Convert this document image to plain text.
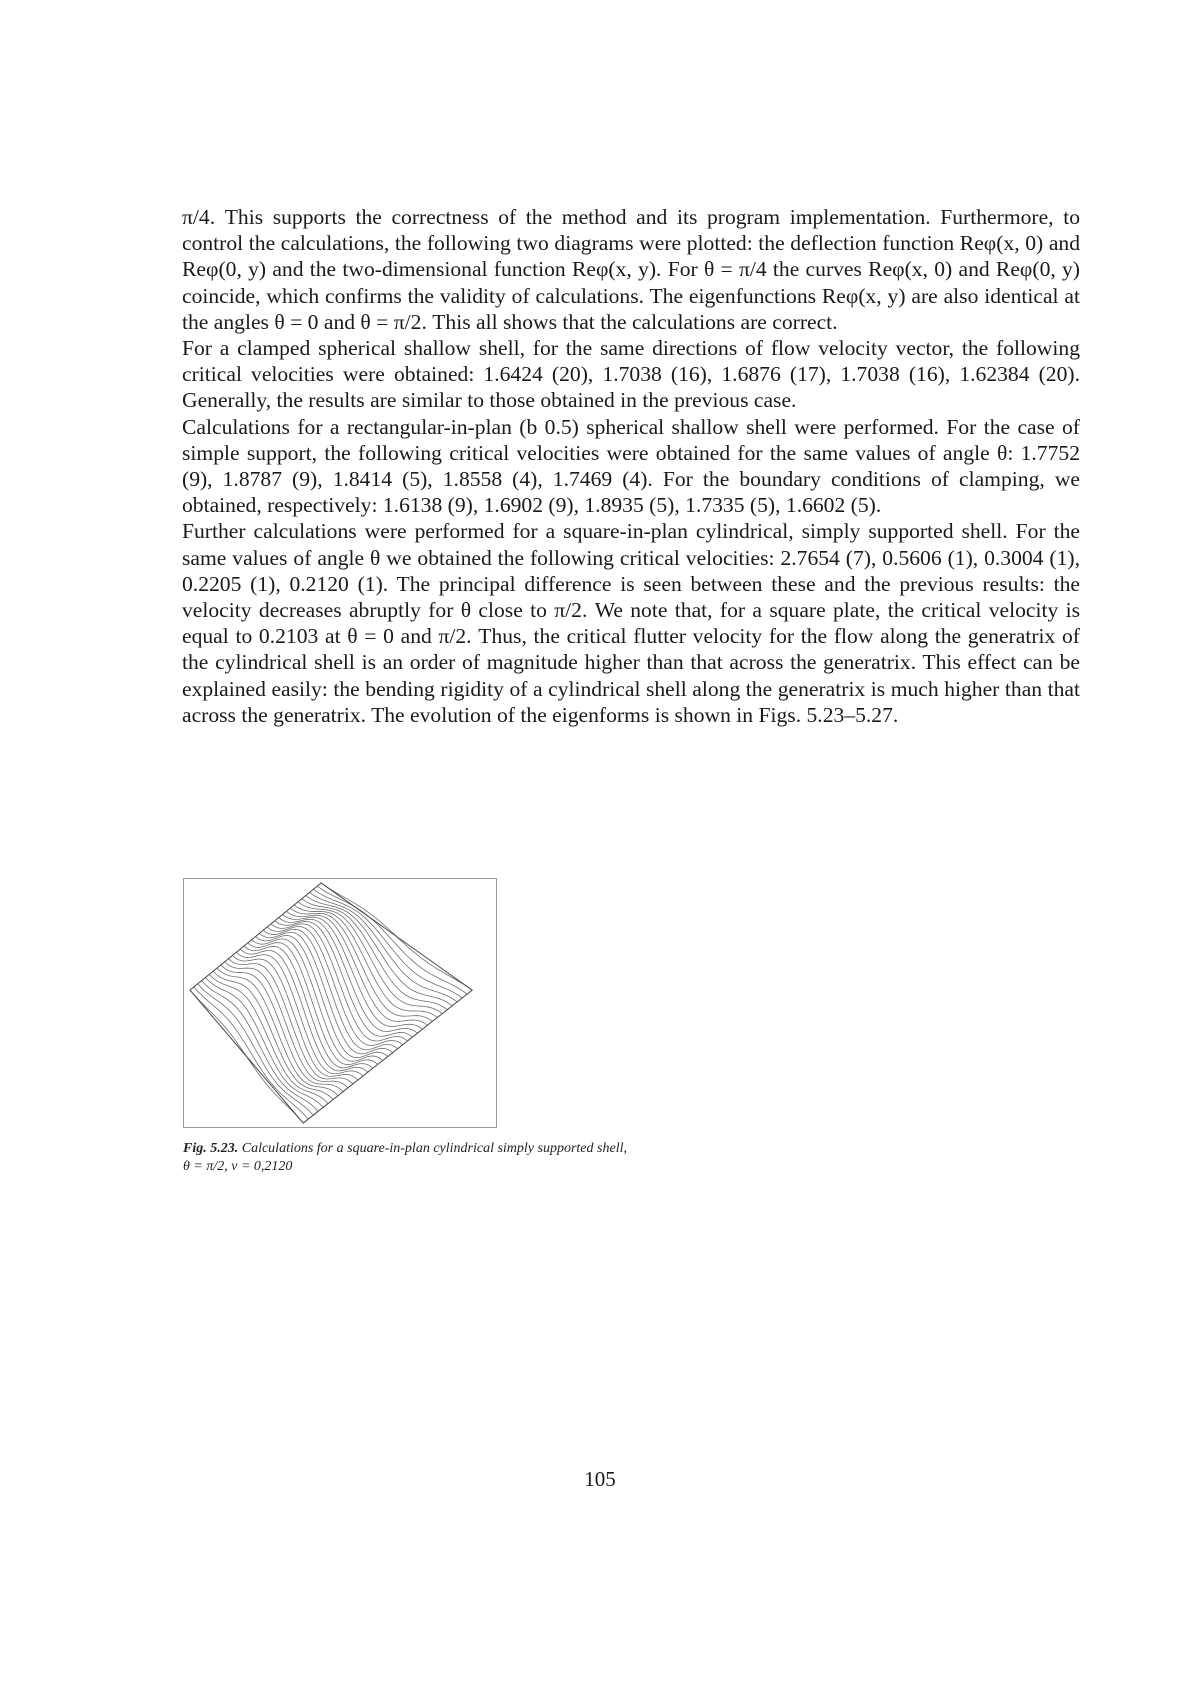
π/4. This supports the correctness of the method and its program implementation. Furthermore, to control the calculations, the following two diagrams were plotted: the deflection function Reφ(x, 0) and Reφ(0, y) and the two-dimensional function Reφ(x, y). For θ = π/4 the curves Reφ(x, 0) and Reφ(0, y) coincide, which confirms the validity of calculations. The eigenfunctions Reφ(x, y) are also identical at the angles θ = 0 and θ = π/2. This all shows that the calculations are correct.

For a clamped spherical shallow shell, for the same directions of flow velocity vector, the following critical velocities were obtained: 1.6424 (20), 1.7038 (16), 1.6876 (17), 1.7038 (16), 1.62384 (20). Generally, the results are similar to those obtained in the previous case.

Calculations for a rectangular-in-plan (b 0.5) spherical shallow shell were performed. For the case of simple support, the following critical velocities were obtained for the same values of angle θ: 1.7752 (9), 1.8787 (9), 1.8414 (5), 1.8558 (4), 1.7469 (4). For the boundary conditions of clamping, we obtained, respectively: 1.6138 (9), 1.6902 (9), 1.8935 (5), 1.7335 (5), 1.6602 (5).

Further calculations were performed for a square-in-plan cylindrical, simply supported shell. For the same values of angle θ we obtained the following critical velocities: 2.7654 (7), 0.5606 (1), 0.3004 (1), 0.2205 (1), 0.2120 (1). The principal difference is seen between these and the previous results: the velocity decreases abruptly for θ close to π/2. We note that, for a square plate, the critical velocity is equal to 0.2103 at θ = 0 and π/2. Thus, the critical flutter velocity for the flow along the generatrix of the cylindrical shell is an order of magnitude higher than that across the generatrix. This effect can be explained easily: the bending rigidity of a cylindrical shell along the generatrix is much higher than that across the generatrix. The evolution of the eigenforms is shown in Figs. 5.23–5.27.

Fig. 5.23. Calculations for a square-in-plan cylindrical simply supported shell,
θ = π/2, v = 0,2120
105
